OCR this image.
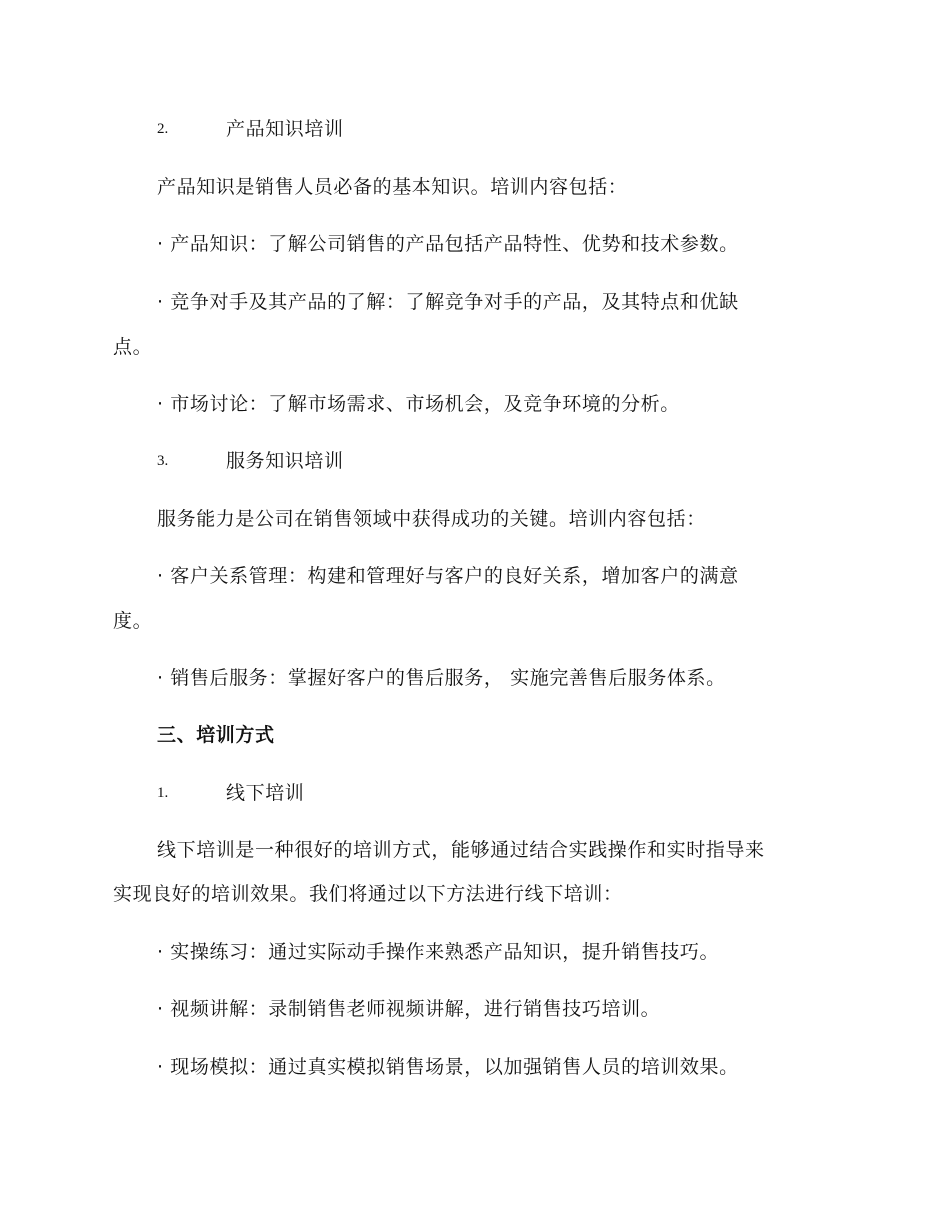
2.	产品知识培训
产品知识是销售人员必备的基本知识。培训内容包括：
· 产品知识：了解公司销售的产品包括产品特性、优势和技术参数。
· 竞争对手及其产品的了解：了解竞争对手的产品，及其特点和优缺
点。
· 市场讨论：了解市场需求、市场机会，及竞争环境的分析。
3.	服务知识培训
服务能力是公司在销售领域中获得成功的关键。培训内容包括：
· 客户关系管理：构建和管理好与客户的良好关系，增加客户的满意
度。
· 销售后服务：掌握好客户的售后服务， 实施完善售后服务体系。
三、培训方式
1.	线下培训
线下培训是一种很好的培训方式，能够通过结合实践操作和实时指导来
实现良好的培训效果。我们将通过以下方法进行线下培训：
· 实操练习：通过实际动手操作来熟悉产品知识，提升销售技巧。
· 视频讲解：录制销售老师视频讲解，进行销售技巧培训。
· 现场模拟：通过真实模拟销售场景，以加强销售人员的培训效果。
